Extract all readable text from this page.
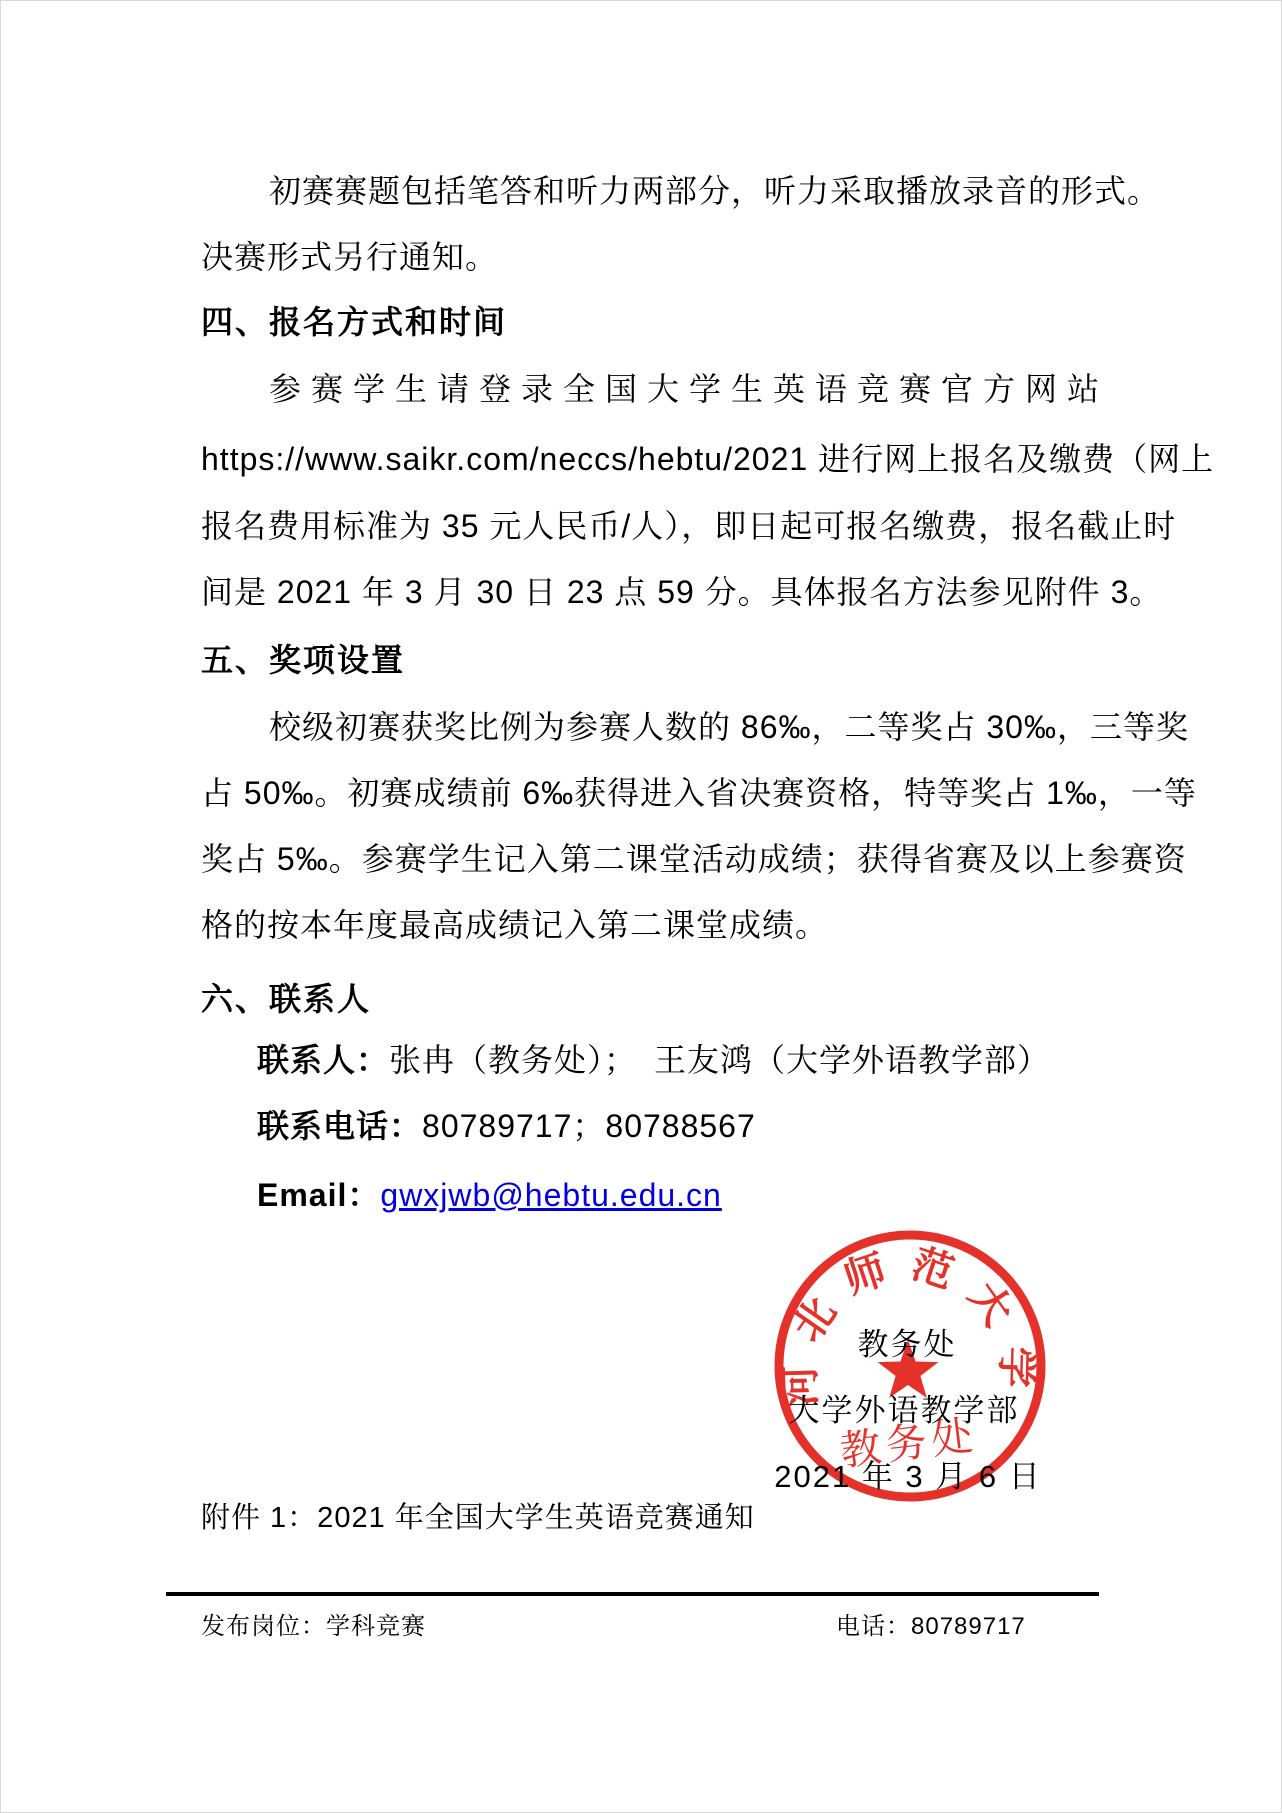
初赛赛题包括笔答和听力两部分，听力采取播放录音的形式。
决赛形式另行通知。
四、报名方式和时间
参赛学生请登录全国大学生英语竞赛官方网站
https://www.saikr.com/neccs/hebtu/2021 进行网上报名及缴费（网上
报名费用标准为 35 元人民币/人），即日起可报名缴费，报名截止时
间是 2021 年 3 月 30 日 23 点 59 分。具体报名方法参见附件 3。
五、奖项设置
校级初赛获奖比例为参赛人数的 86‰，二等奖占 30‰，三等奖
占 50‰。初赛成绩前 6‰获得进入省决赛资格，特等奖占 1‰，一等
奖占 5‰。参赛学生记入第二课堂活动成绩；获得省赛及以上参赛资
格的按本年度最高成绩记入第二课堂成绩。
六、联系人
联系人：张冉（教务处）；　王友鸿（大学外语教学部）
联系电话：80789717；80788567
Email：gwxjwb@hebtu.edu.cn
河北师范大学
教务处
教务处
大学外语教学部
2021 年 3 月 6 日
附件 1：2021 年全国大学生英语竞赛通知
发布岗位：学科竞赛	电话：80789717
